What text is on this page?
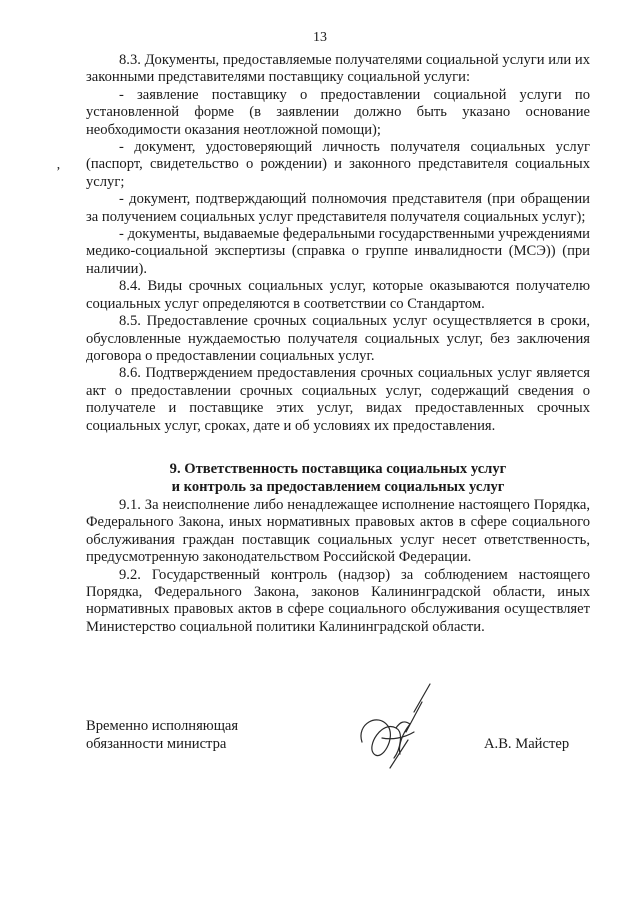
13
’

8.3. Документы, предоставляемые получателями социальной услуги или их законными представителями поставщику социальной услуги:

- заявление поставщику о предоставлении социальной услуги по установленной форме (в заявлении должно быть указано основание необходимости оказания неотложной помощи);

- документ, удостоверяющий личность получателя социальных услуг (паспорт, свидетельство о рождении) и законного представителя социальных услуг;

- документ, подтверждающий полномочия представителя (при обращении за получением социальных услуг представителя получателя социальных услуг);

- документы, выдаваемые федеральными государственными учреждениями медико-социальной экспертизы (справка о группе инвалидности (МСЭ)) (при наличии).

8.4. Виды срочных социальных услуг, которые оказываются получателю социальных услуг определяются в соответствии со Стандартом.

8.5. Предоставление срочных социальных услуг осуществляется в сроки, обусловленные нуждаемостью получателя социальных услуг, без заключения договора о предоставлении социальных услуг.

8.6. Подтверждением предоставления срочных социальных услуг является акт о предоставлении срочных социальных услуг, содержащий сведения о получателе и поставщике этих услуг, видах предоставленных срочных социальных услуг, сроках, дате и об условиях их предоставления.

9. Ответственность поставщика социальных услуг
и контроль за предоставлением социальных услуг

9.1. За неисполнение либо ненадлежащее исполнение настоящего Порядка, Федерального Закона, иных нормативных правовых актов в сфере социального обслуживания граждан поставщик социальных услуг несет ответственность, предусмотренную законодательством Российской Федерации.

9.2. Государственный контроль (надзор) за соблюдением настоящего Порядка, Федерального Закона, законов Калининградской области, иных нормативных правовых актов в сфере социального обслуживания осуществляет Министерство социальной политики Калининградской области.

Временно исполняющая
обязанности министра	А.В. Майстер
